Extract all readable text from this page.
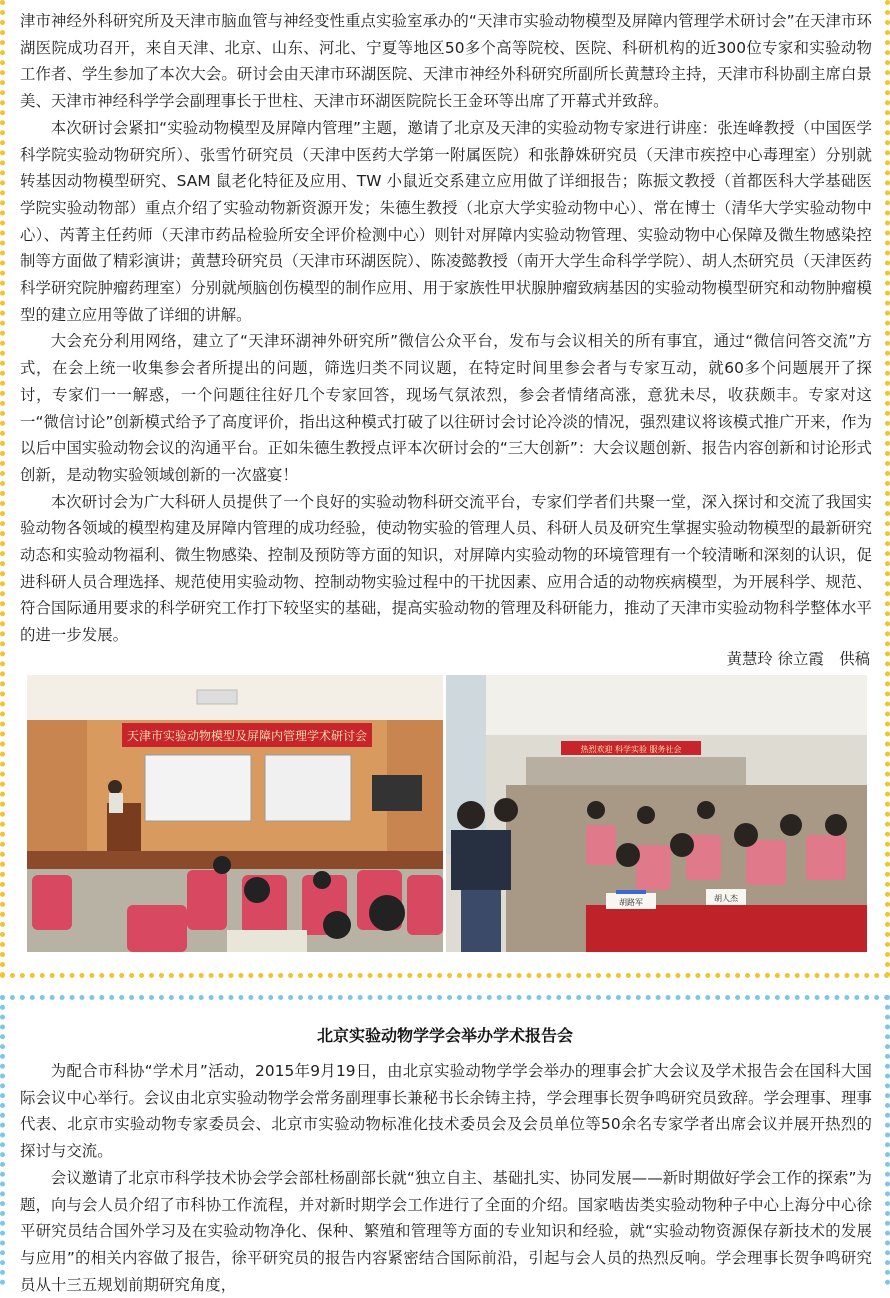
津市神经外科研究所及天津市脑血管与神经变性重点实验室承办的“天津市实验动物模型及屏障内管理学术研讨会”在天津市环湖医院成功召开，来自天津、北京、山东、河北、宁夏等地区50多个高等院校、医院、科研机构的近300位专家和实验动物工作者、学生参加了本次大会。研讨会由天津市环湖医院、天津市神经外科研究所副所长黄慧玲主持，天津市科协副主席白景美、天津市神经科学学会副理事长于世柱、天津市环湖医院院长王金环等出席了开幕式并致辞。

本次研讨会紧扣“实验动物模型及屏障内管理”主题，邀请了北京及天津的实验动物专家进行讲座：张连峰教授（中国医学科学院实验动物研究所）、张雪竹研究员（天津中医药大学第一附属医院）和张静姝研究员（天津市疾控中心毒理室）分别就转基因动物模型研究、SAM 鼠老化特征及应用、TW 小鼠近交系建立应用做了详细报告；陈振文教授（首都医科大学基础医学院实验动物部）重点介绍了实验动物新资源开发；朱德生教授（北京大学实验动物中心）、常在博士（清华大学实验动物中心）、芮菁主任药师（天津市药品检验所安全评价检测中心）则针对屏障内实验动物管理、实验动物中心保障及微生物感染控制等方面做了精彩演讲；黄慧玲研究员（天津市环湖医院）、陈凌懿教授（南开大学生命科学学院）、胡人杰研究员（天津医药科学研究院肿瘤药理室）分别就颅脑创伤模型的制作应用、用于家族性甲状腺肿瘤致病基因的实验动物模型研究和动物肿瘤模型的建立应用等做了详细的讲解。

大会充分利用网络，建立了“天津环湖神外研究所”微信公众平台，发布与会议相关的所有事宜，通过“微信问答交流”方式，在会上统一收集参会者所提出的问题，筛选归类不同议题，在特定时间里参会者与专家互动，就60多个问题展开了探讨，专家们一一解惑，一个问题往往好几个专家回答，现场气氛浓烈，参会者情绪高涨，意犹未尽，收获颇丰。专家对这一“微信讨论”创新模式给予了高度评价，指出这种模式打破了以往研讨会讨论冷淡的情况，强烈建议将该模式推广开来，作为以后中国实验动物会议的沟通平台。正如朱德生教授点评本次研讨会的“三大创新”：大会议题创新、报告内容创新和讨论形式创新，是动物实验领域创新的一次盛宴！

本次研讨会为广大科研人员提供了一个良好的实验动物科研交流平台，专家们学者们共聚一堂，深入探讨和交流了我国实验动物各领域的模型构建及屏障内管理的成功经验，使动物实验的管理人员、科研人员及研究生掌握实验动物模型的最新研究动态和实验动物福利、微生物感染、控制及预防等方面的知识，对屏障内实验动物的环境管理有一个较清晰和深刻的认识，促进科研人员合理选择、规范使用实验动物、控制动物实验过程中的干扰因素、应用合适的动物疾病模型，为开展科学、规范、符合国际通用要求的科学研究工作打下较坚实的基础，提高实验动物的管理及科研能力，推动了天津市实验动物科学整体水平的进一步发展。

黄慧玲 徐立霞　供稿
天津市实验动物模型及屏障内管理学术研讨会
热烈欢迎 科学实验 服务社会
胡路军	胡人杰
北京实验动物学学会举办学术报告会

为配合市科协“学术月”活动，2015年9月19日，由北京实验动物学学会举办的理事会扩大会议及学术报告会在国科大国际会议中心举行。会议由北京实验动物学会常务副理事长兼秘书长余铸主持，学会理事长贺争鸣研究员致辞。学会理事、理事代表、北京市实验动物专家委员会、北京市实验动物标准化技术委员会及会员单位等50余名专家学者出席会议并展开热烈的探讨与交流。

会议邀请了北京市科学技术协会学会部杜杨副部长就“独立自主、基础扎实、协同发展——新时期做好学会工作的探索”为题，向与会人员介绍了市科协工作流程，并对新时期学会工作进行了全面的介绍。国家啮齿类实验动物种子中心上海分中心徐平研究员结合国外学习及在实验动物净化、保种、繁殖和管理等方面的专业知识和经验，就“实验动物资源保存新技术的发展与应用”的相关内容做了报告，徐平研究员的报告内容紧密结合国际前沿，引起与会人员的热烈反响。学会理事长贺争鸣研究员从十三五规划前期研究角度，
